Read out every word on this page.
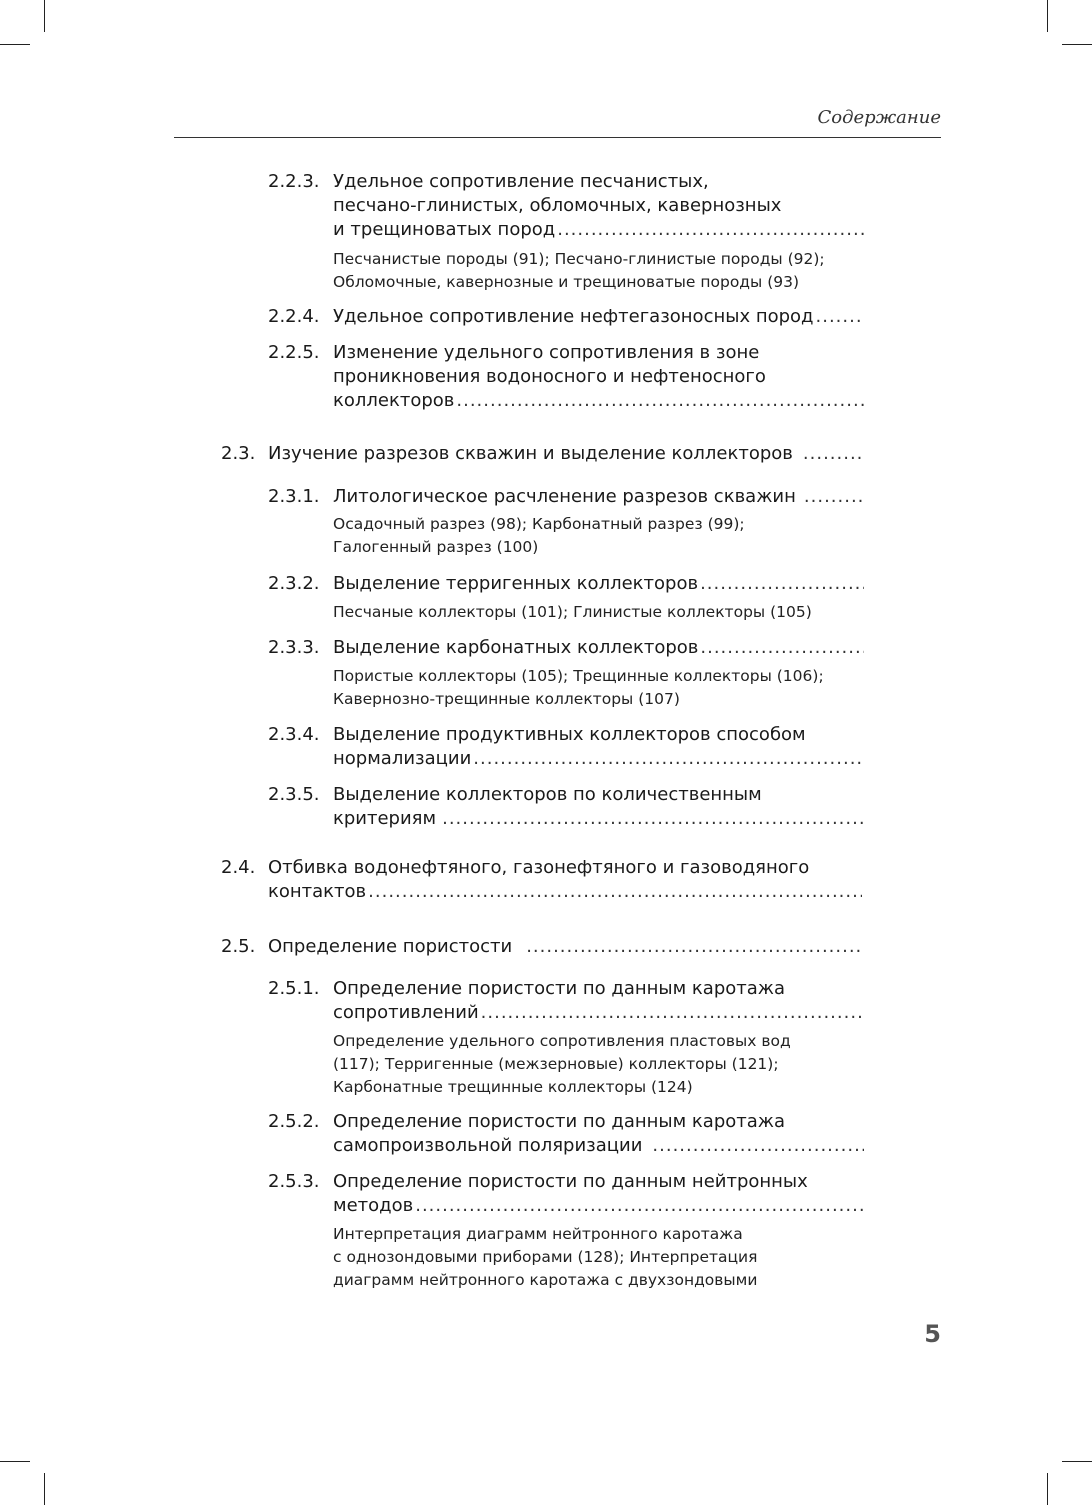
Содержание
2.2.3. Удельное сопротивление песчанистых,
песчано-глинистых, обломочных, кавернозных
и трещиноватых пород
.....
Песчанистые породы (91); Песчано-глинистые породы (92);
Обломочные, кавернозные и трещиноватые породы (93)
2.2.4. Удельное сопротивление нефтегазоносных пород
.....
2.2.5. Изменение удельного сопротивления в зоне
проникновения водоносного и нефтеносного
коллекторов
.....
2.3. Изучение разрезов скважин и выделение коллекторов
.....
2.3.1. Литологическое расчленение разрезов скважин
.....
Осадочный разрез (98); Карбонатный разрез (99);
Галогенный разрез (100)
2.3.2. Выделение терригенных коллекторов
.....
Песчаные коллекторы (101); Глинистые коллекторы (105)
2.3.3. Выделение карбонатных коллекторов
.....
Пористые коллекторы (105); Трещинные коллекторы (106);
Кавернозно-трещинные коллекторы (107)
2.3.4. Выделение продуктивных коллекторов способом
нормализации
.....
2.3.5. Выделение коллекторов по количественным
критериям
.....
2.4. Отбивка водонефтяного, газонефтяного и газоводяного
контактов
.....
2.5. Определение пористости
.....
2.5.1. Определение пористости по данным каротажа
сопротивлений
.....
Определение удельного сопротивления пластовых вод
(117); Терригенные (межзерновые) коллекторы (121);
Карбонатные трещинные коллекторы (124)
2.5.2. Определение пористости по данным каротажа
самопроизвольной поляризации
.....
2.5.3. Определение пористости по данным нейтронных
методов
.....
Интерпретация диаграмм нейтронного каротажа
с однозондовыми приборами (128); Интерпретация
диаграмм нейтронного каротажа с двухзондовыми
5
